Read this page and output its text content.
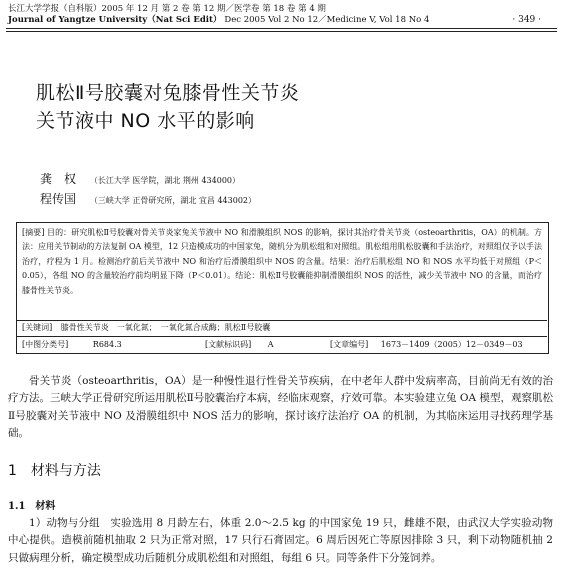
长江大学学报（自科版）2005 年 12 月 第 2 卷 第 12 期／医学卷 第 18 卷 第 4 期
Journal of Yangtze University（Nat Sci Edit） Dec 2005 Vol 2 No 12／Medicine V, Vol 18 No 4	· 349 ·
肌松Ⅱ号胶囊对兔膝骨性关节炎
关节液中 NO 水平的影响
龚　权 （长江大学 医学院，湖北 荆州 434000）
程传国 （三峡大学 正骨研究所，湖北 宜昌 443002）

[摘要] 目的：研究肌松Ⅱ号胶囊对骨关节炎家兔关节液中 NO 和滑膜组织 NOS 的影响，探讨其治疗骨关节炎（osteoarthritis，OA）的机制。方法：应用关节制动的方法复制 OA 模型，12 只造模成功的中国家兔，随机分为肌松组和对照组。肌松组用肌松胶囊和手法治疗，对照组仅予以手法治疗，疗程为 1 月。检测治疗前后关节液中 NO 和治疗后滑膜组织中 NOS 的含量。结果：治疗后肌松组 NO 和 NOS 水平均低于对照组（P＜0.05），各组 NO 的含量较治疗前均明显下降（P＜0.01）。结论：肌松Ⅱ号胶囊能抑制滑膜组织 NOS 的活性，减少关节液中 NO 的含量，而治疗膝骨性关节炎。

[关键词] 膝骨性关节炎　一氧化氮；　一氧化氮合成酶；肌松Ⅱ号胶囊
[中图分类号]	R684.3	[文献标识码] A	[文章编号] 1673－1409（2005）12－0349－03
骨关节炎（osteoarthritis，OA）是一种慢性退行性骨关节疾病，在中老年人群中发病率高，目前尚无有效的治疗方法。三峡大学正骨研究所运用肌松Ⅱ号胶囊治疗本病，经临床观察，疗效可靠。本实验建立兔 OA 模型，观察肌松Ⅱ号胶囊对关节液中 NO 及滑膜组织中 NOS 活力的影响，探讨该疗法治疗 OA 的机制，为其临床运用寻找药理学基础。
1　材料与方法
1.1　材料
1）动物与分组　实验选用 8 月龄左右，体重 2.0～2.5 kg 的中国家兔 19 只，雌雄不限，由武汉大学实验动物中心提供。造模前随机抽取 2 只为正常对照，17 只行石膏固定。6 周后因死亡等原因排除 3 只，剩下动物随机抽 2 只做病理分析，确定模型成功后随机分成肌松组和对照组，每组 6 只。同等条件下分笼饲养。
